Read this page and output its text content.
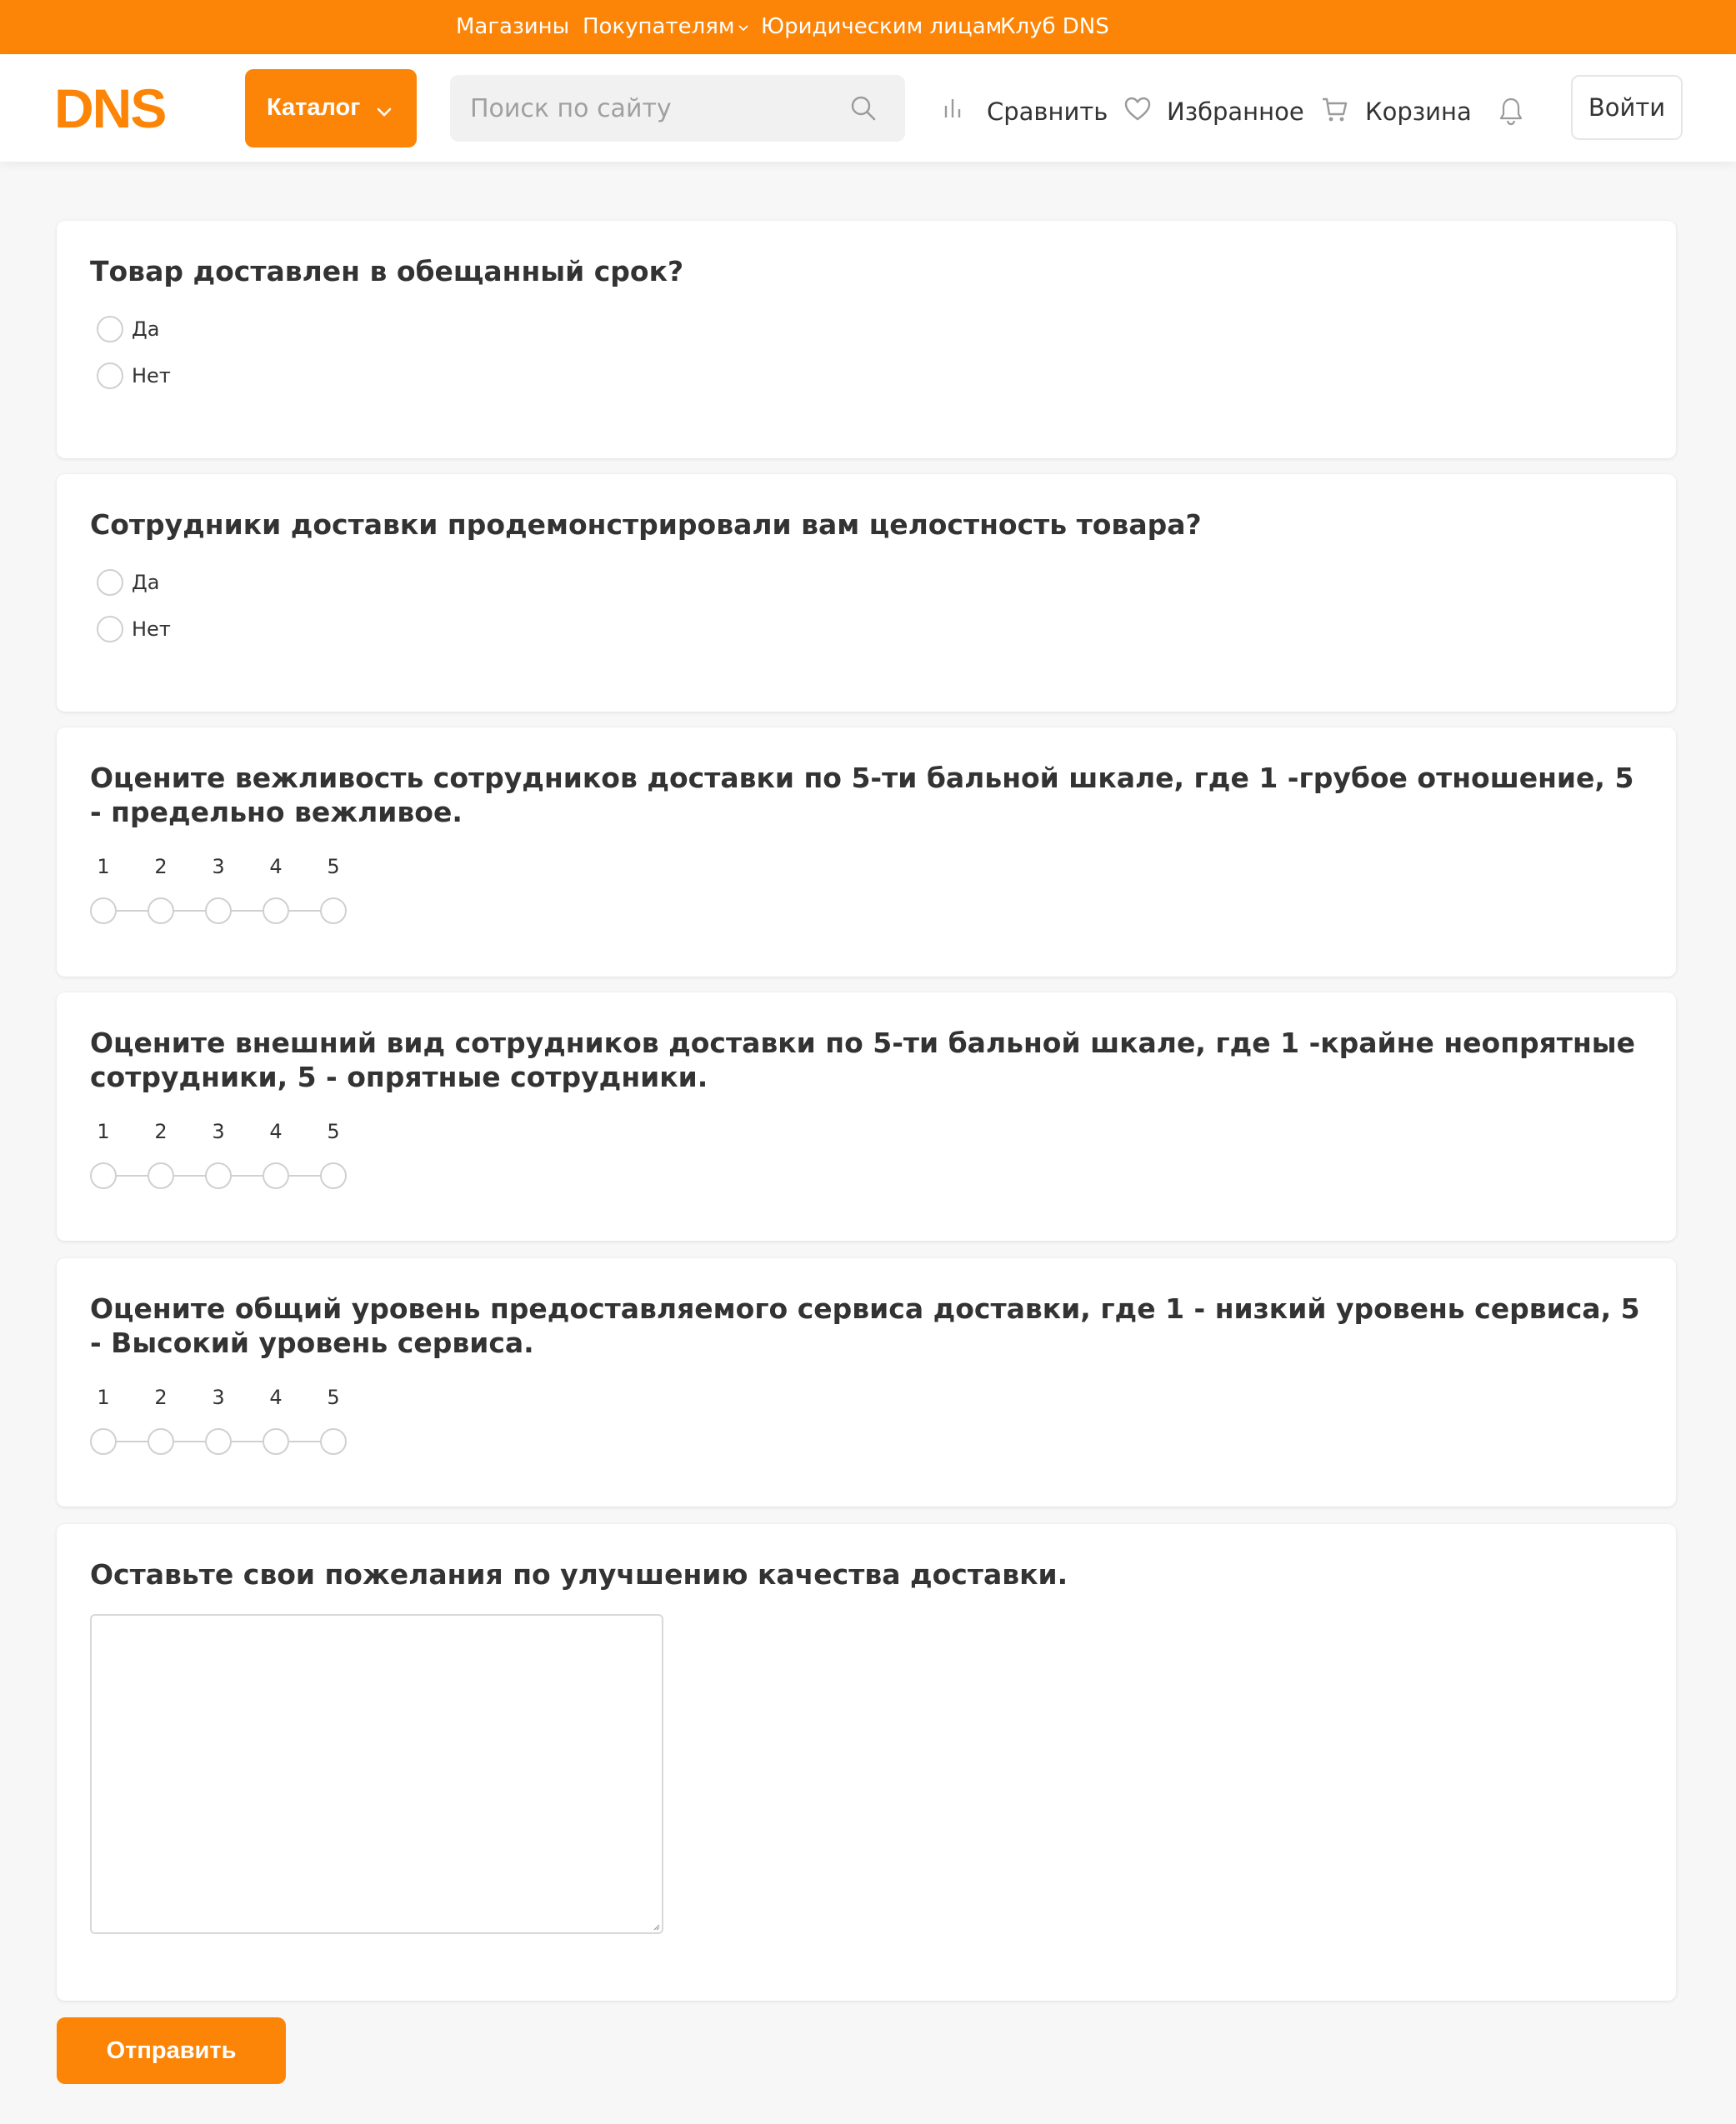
Магазины Покупателям	Юридическим лицам
Клуб DNS
DNS	Каталог
Поиск по сайту	Сравнить Избранное	Корзина	Войти
Товар доставлен в обещанный срок?
Да
Нет
Сотрудники доставки продемонстрировали вам целостность товара?
Да
Нет
Оцените вежливость сотрудников доставки по 5-ти бальной шкале, где 1 -грубое отношение, 5 - предельно вежливое.
1	2	3	4	5
Оцените внешний вид сотрудников доставки по 5-ти бальной шкале, где 1 -крайне неопрятные сотрудники, 5 - опрятные сотрудники.
1	2	3	4	5
Оцените общий уровень предоставляемого сервиса доставки, где 1 - низкий уровень сервиса, 5 - Высокий уровень сервиса.
1	2	3	4	5
Оставьте свои пожелания по улучшению качества доставки.
Отправить
